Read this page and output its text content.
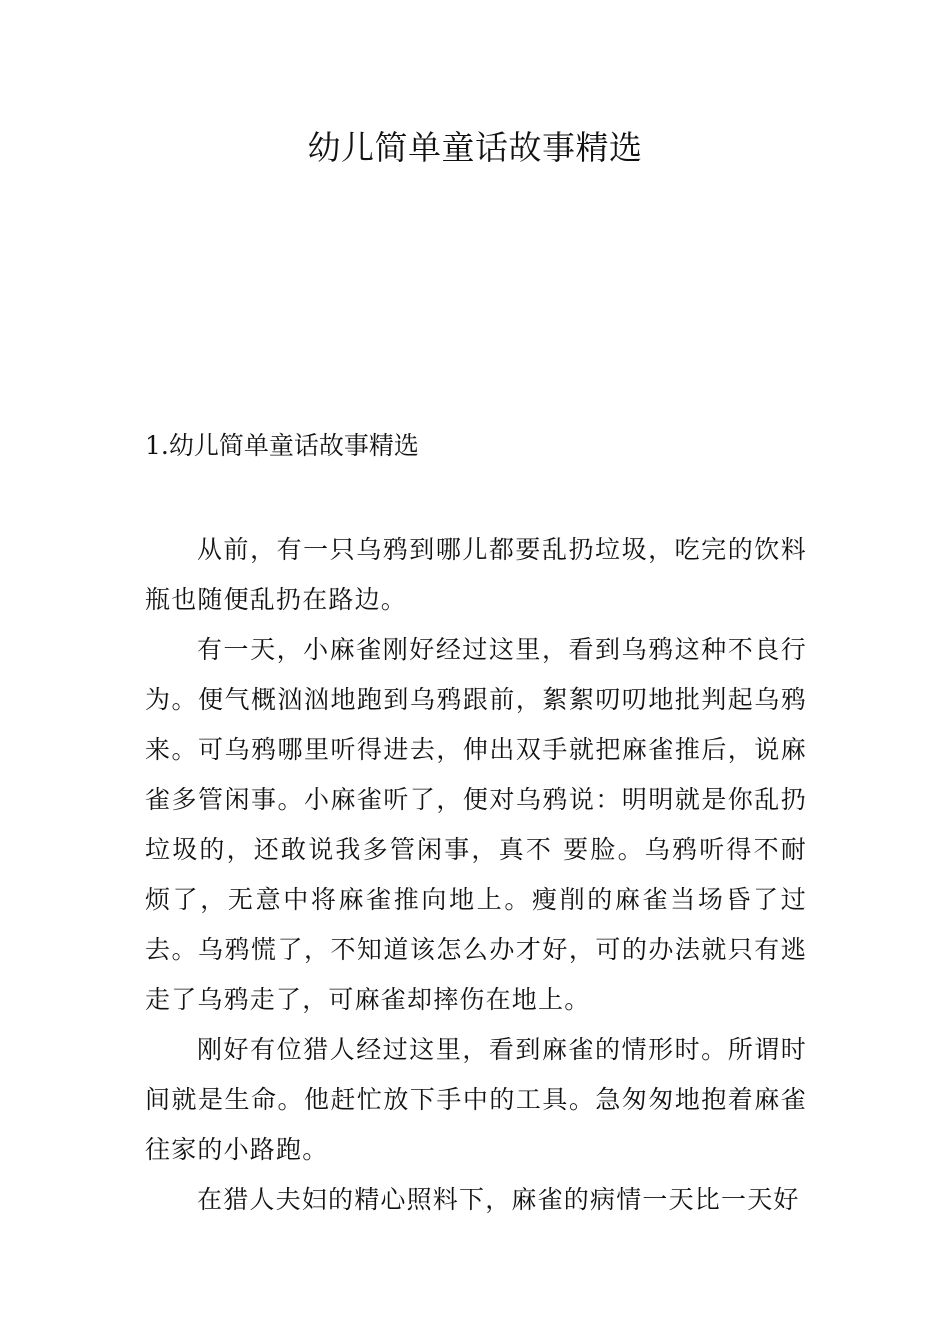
幼儿简单童话故事精选
1.幼儿简单童话故事精选

从前，有一只乌鸦到哪儿都要乱扔垃圾，吃完的饮料瓶也随便乱扔在路边。

有一天，小麻雀刚好经过这里，看到乌鸦这种不良行为。便气概汹汹地跑到乌鸦跟前，絮絮叨叨地批判起乌鸦来。可乌鸦哪里听得进去，伸出双手就把麻雀推后，说麻雀多管闲事。小麻雀听了，便对乌鸦说：明明就是你乱扔垃圾的，还敢说我多管闲事，真不 要脸。乌鸦听得不耐烦了，无意中将麻雀推向地上。瘦削的麻雀当场昏了过去。乌鸦慌了，不知道该怎么办才好，可的办法就只有逃走了乌鸦走了，可麻雀却摔伤在地上。

刚好有位猎人经过这里，看到麻雀的情形时。所谓时间就是生命。他赶忙放下手中的工具。急匆匆地抱着麻雀往家的小路跑。

在猎人夫妇的精心照料下，麻雀的病情一天比一天好
